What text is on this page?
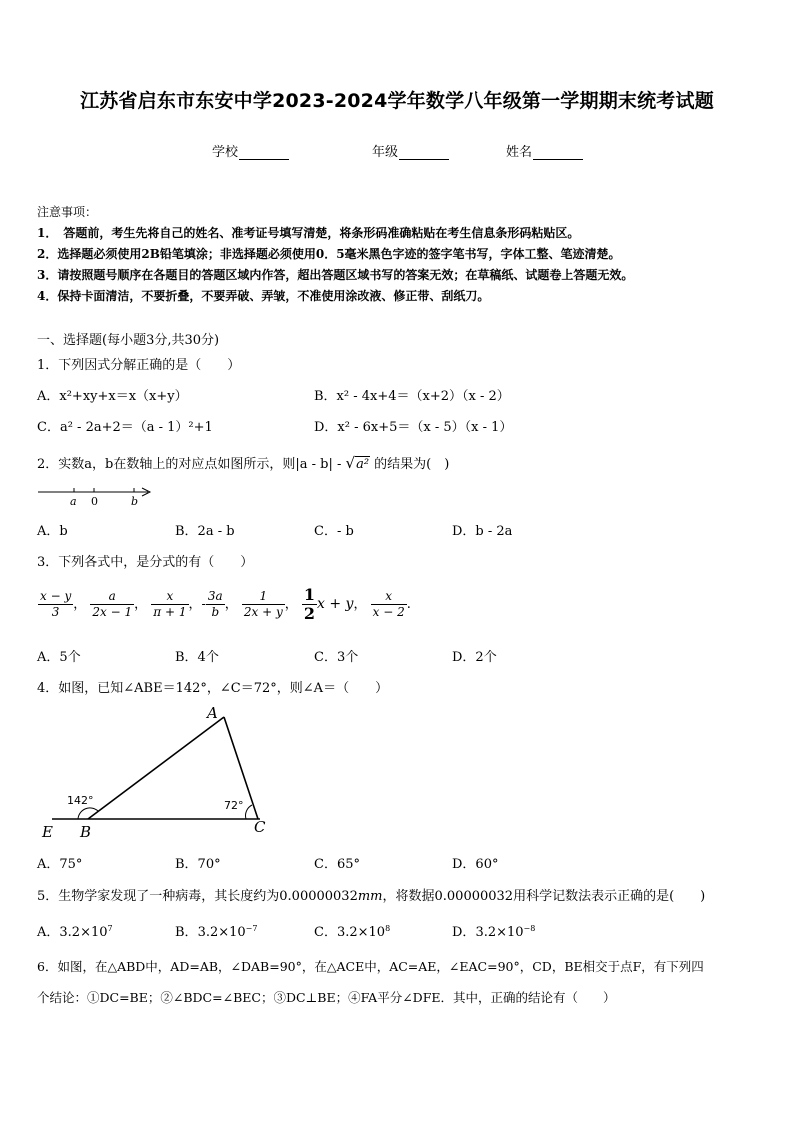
江苏省启东市东安中学2023-2024学年数学八年级第一学期期末统考试题
学校	年级	姓名
注意事项：
1．　答题前，考生先将自己的姓名、准考证号填写清楚，将条形码准确粘贴在考生信息条形码粘贴区。
2．选择题必须使用2B铅笔填涂；非选择题必须使用0．5毫米黑色字迹的签字笔书写，字体工整、笔迹清楚。
3．请按照题号顺序在各题目的答题区域内作答，超出答题区域书写的答案无效；在草稿纸、试题卷上答题无效。
4．保持卡面清洁，不要折叠，不要弄破、弄皱，不准使用涂改液、修正带、刮纸刀。
一、选择题(每小题3分,共30分)
1．下列因式分解正确的是（　　）
A．x²+xy+x＝x（x+y）	B．x² - 4x+4＝（x+2）（x - 2）
C．a² - 2a+2＝（a - 1）²+1	D．x² - 6x+5＝（x - 5）（x - 1）
2．实数a，b在数轴上的对应点如图所示，则|a - b| - √a² 的结果为(　)
a 0	b
A．b	B．2a - b	C．- b	D．b - 2a
3．下列各式中，是分式的有（　　）
$\frac{x - y}{3}$ ， $\frac{a}{2x - 1}$ ， $\frac{x}{\pi + 1}$ ，- $\frac{3a}{b}$ ， $\frac{1}{2x + y}$ ， $\frac{1}{2}$ x + y， $\frac{x}{x - 2}$ .
A．5个	B．4个	C．3个	D．2个
4．如图，已知∠ABE＝142°，∠C＝72°，则∠A＝（　　）
A
B	C
E
142°	72°
A．75°	B．70°	C．65°	D．60°
5．生物学家发现了一种病毒，其长度约为0.00000032mm，将数据0.00000032用科学记数法表示正确的是(　　)
A．$3.2\times 10^7$	B．$3.2\times 10^{-7}$	C．$3.2\times 10^8$	D．$3.2\times 10^{-8}$
6．如图，在△ABD中，AD=AB，∠DAB=90°，在△ACE中，AC=AE，∠EAC=90°，CD，BE相交于点F，有下列四
个结论：①DC=BE；②∠BDC=∠BEC；③DC⊥BE；④FA平分∠DFE．其中，正确的结论有（　　）
